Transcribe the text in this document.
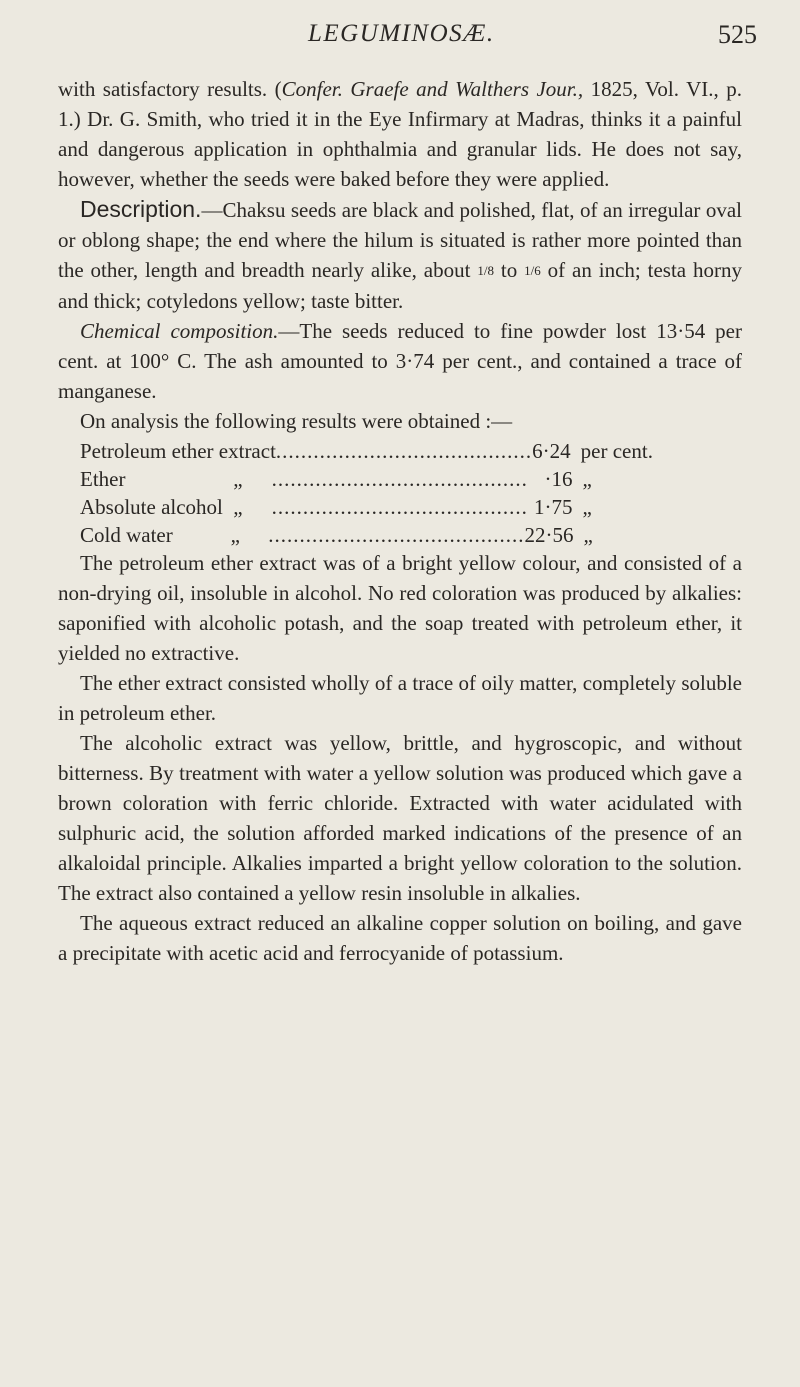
LEGUMINOSÆ.	525

with satisfactory results. (Confer. Graefe and Walthers Jour., 1825, Vol. VI., p. 1.) Dr. G. Smith, who tried it in the Eye Infirmary at Madras, thinks it a painful and dangerous application in ophthalmia and granular lids. He does not say, however, whether the seeds were baked before they were applied.

Description.—Chaksu seeds are black and polished, flat, of an irregular oval or oblong shape; the end where the hilum is situated is rather more pointed than the other, length and breadth nearly alike, about 1/8 to 1/6 of an inch; testa horny and thick; cotyledons yellow; taste bitter.

Chemical composition.—The seeds reduced to fine powder lost 13·54 per cent. at 100° C. The ash amounted to 3·74 per cent., and contained a trace of manganese.

On analysis the following results were obtained :—

Petroleum ether extract ......................................... 6·24 per cent.
Ether	„	......................................... ·16 „
Absolute alcohol „	......................................... 1·75 „
Cold water	„	......................................... 22·56 „

The petroleum ether extract was of a bright yellow colour, and consisted of a non-drying oil, insoluble in alcohol. No red coloration was produced by alkalies: saponified with alcoholic potash, and the soap treated with petroleum ether, it yielded no extractive.

The ether extract consisted wholly of a trace of oily matter, completely soluble in petroleum ether.

The alcoholic extract was yellow, brittle, and hygroscopic, and without bitterness. By treatment with water a yellow solution was produced which gave a brown coloration with ferric chloride. Extracted with water acidulated with sulphuric acid, the solution afforded marked indications of the presence of an alkaloidal principle. Alkalies imparted a bright yellow coloration to the solution. The extract also contained a yellow resin insoluble in alkalies.

The aqueous extract reduced an alkaline copper solution on boiling, and gave a precipitate with acetic acid and ferrocyanide of potassium.
